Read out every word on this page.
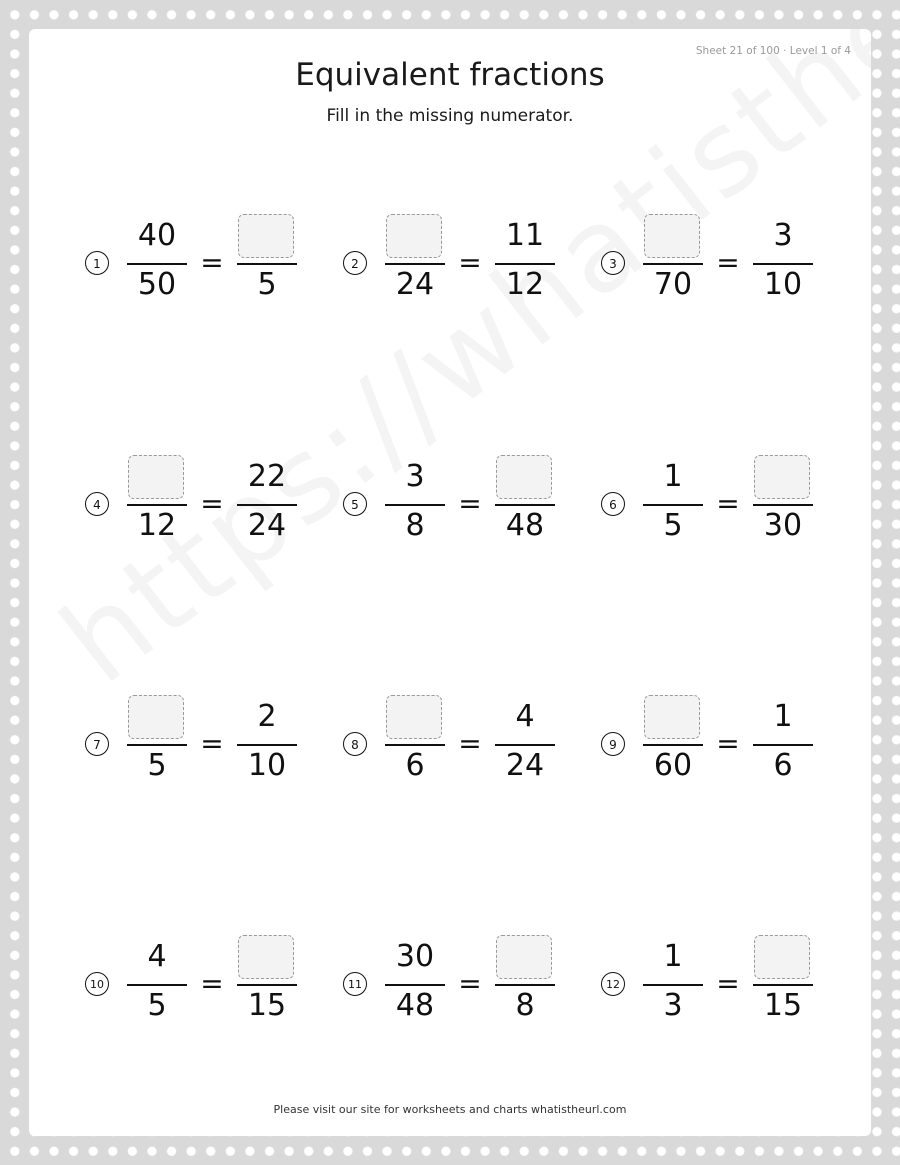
Sheet 21 of 100 · Level 1 of 4
Equivalent fractions
Fill in the missing numerator.
1
40
50
=
5
2
24
=
11
12
3
70
=
3
10
4
12
=
22
24
5
3
8
=
48
6
1
5
=
30
7
5
=
2
10
8
6
=
4
24
9
60
=
1
6
10
4
5
=
15
11
30
48
=
8
12
1
3
=
15
Please visit our site for worksheets and charts whatistheurl.com
